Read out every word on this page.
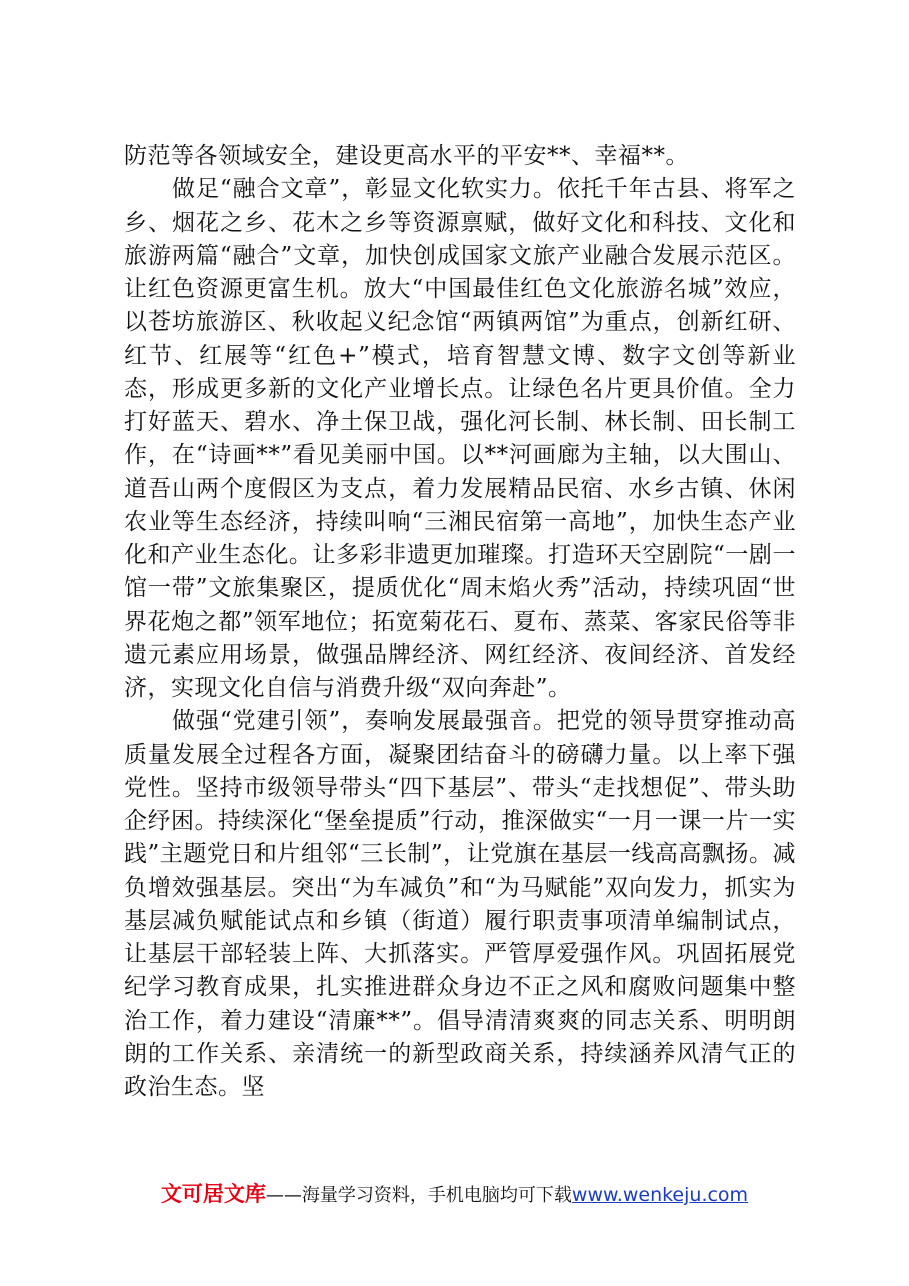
防范等各领域安全，建设更高水平的平安**、幸福**。

做足“融合文章”，彰显文化软实力。依托千年古县、将军之乡、烟花之乡、花木之乡等资源禀赋，做好文化和科技、文化和旅游两篇“融合”文章，加快创成国家文旅产业融合发展示范区。让红色资源更富生机。放大“中国最佳红色文化旅游名城”效应，以苍坊旅游区、秋收起义纪念馆“两镇两馆”为重点，创新红研、红节、红展等“红色+”模式，培育智慧文博、数字文创等新业态，形成更多新的文化产业增长点。让绿色名片更具价值。全力打好蓝天、碧水、净土保卫战，强化河长制、林长制、田长制工作，在“诗画**”看见美丽中国。以**河画廊为主轴，以大围山、道吾山两个度假区为支点，着力发展精品民宿、水乡古镇、休闲农业等生态经济，持续叫响“三湘民宿第一高地”，加快生态产业化和产业生态化。让多彩非遗更加璀璨。打造环天空剧院“一剧一馆一带”文旅集聚区，提质优化“周末焰火秀”活动，持续巩固“世界花炮之都”领军地位；拓宽菊花石、夏布、蒸菜、客家民俗等非遗元素应用场景，做强品牌经济、网红经济、夜间经济、首发经济，实现文化自信与消费升级“双向奔赴”。

做强“党建引领”，奏响发展最强音。把党的领导贯穿推动高质量发展全过程各方面，凝聚团结奋斗的磅礴力量。以上率下强党性。坚持市级领导带头“四下基层”、带头“走找想促”、带头助企纾困。持续深化“堡垒提质”行动，推深做实“一月一课一片一实践”主题党日和片组邻“三长制”，让党旗在基层一线高高飘扬。减负增效强基层。突出“为车减负”和“为马赋能”双向发力，抓实为基层减负赋能试点和乡镇（街道）履行职责事项清单编制试点，让基层干部轻装上阵、大抓落实。严管厚爱强作风。巩固拓展党纪学习教育成果，扎实推进群众身边不正之风和腐败问题集中整治工作，着力建设“清廉**”。倡导清清爽爽的同志关系、明明朗朗的工作关系、亲清统一的新型政商关系，持续涵养风清气正的政治生态。坚

文可居文库——海量学习资料，手机电脑均可下载www.wenkeju.com
